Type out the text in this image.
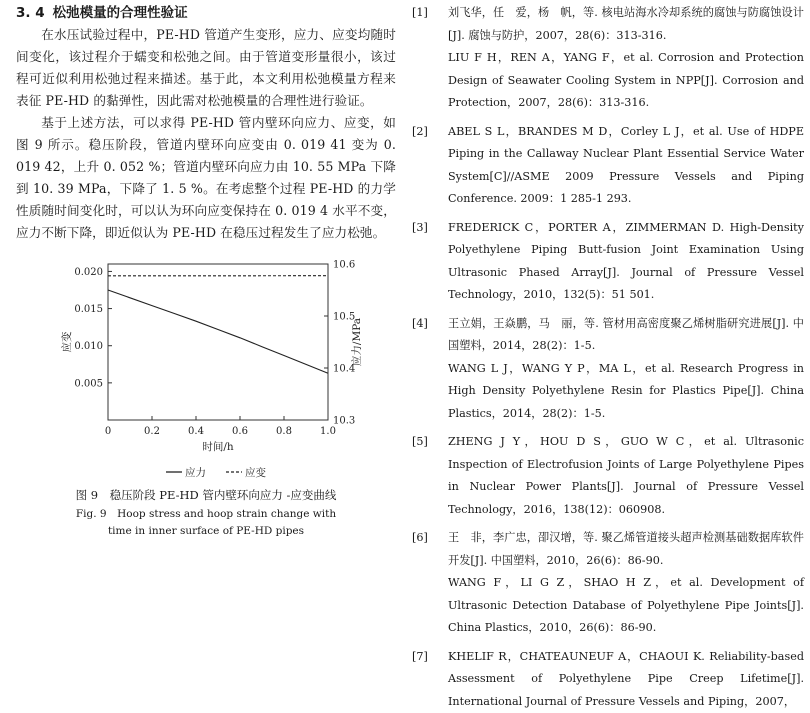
3. 4 松弛模量的合理性验证

在水压试验过程中，PE-HD 管道产生变形，应力、应变均随时间变化，该过程介于蠕变和松弛之间。由于管道变形量很小，该过程可近似利用松弛过程来描述。基于此，本文利用松弛模量方程来表征 PE-HD 的黏弹性，因此需对松弛模量的合理性进行验证。

基于上述方法，可以求得 PE-HD 管内壁环向应力、应变，如图 9 所示。稳压阶段，管道内壁环向应变由 0. 019 41 变为 0. 019 42，上升 0. 052 %；管道内壁环向应力由 10. 55 MPa 下降到 10. 39 MPa，下降了 1. 5 %。在考虑整个过程 PE-HD 的力学性质随时间变化时，可以认为环向应变保持在 0. 019 4 水平不变，应力不断下降，即近似认为 PE-HD 在稳压过程发生了应力松弛。

0	0.2	0.4	0.6	0.8	1.0
0.005
0.010
0.015
0.020
10.3
10.4
10.5
10.6
时间/h
应变	应力/MPa
应力	应变

图 9　稳压阶段 PE-HD 管内壁环向应力 -应变曲线

Fig. 9　Hoop stress and hoop strain change with

time in inner surface of PE-HD pipes

[1] 刘飞华，任　爱，杨　帆，等. 核电站海水冷却系统的腐蚀与防腐蚀设计[J]. 腐蚀与防护，2007，28(6)：313-316.
LIU F H，REN A，YANG F，et al. Corrosion and Protection Design of Seawater Cooling System in NPP[J]. Corrosion and Protection，2007，28(6)：313-316.
[2] ABEL S L，BRANDES M D，Corley L J，et al. Use of HDPE Piping in the Callaway Nuclear Plant Essential Service Water System[C]//ASME 2009 Pressure Vessels and Piping Conference. 2009：1 285-1 293.
[3] FREDERICK C，PORTER A，ZIMMERMAN D. High-Density Polyethylene Piping Butt-fusion Joint Examination Using Ultrasonic Phased Array[J]. Journal of Pressure Vessel Technology，2010，132(5)：51 501.
[4] 王立娟，王焱鹏，马　丽，等. 管材用高密度聚乙烯树脂研究进展[J]. 中国塑料，2014，28(2)：1-5.
WANG L J，WANG Y P，MA L，et al. Research Progress in High Density Polyethylene Resin for Plastics Pipe[J]. China Plastics，2014，28(2)：1-5.
[5] ZHENG J Y，HOU D S，GUO W C，et al. Ultrasonic Inspection of Electrofusion Joints of Large Polyethylene Pipes in Nuclear Power Plants[J]. Journal of Pressure Vessel Technology，2016，138(12)：060908.
[6] 王　非，李广忠，卲汉增，等. 聚乙烯管道接头超声检测基础数据库软件开发[J]. 中国塑料，2010，26(6)：86-90.
WANG F，LI G Z，SHAO H Z，et al. Development of Ultrasonic Detection Database of Polyethylene Pipe Joints[J]. China Plastics，2010，26(6)：86-90.
[7] KHELIF R，CHATEAUNEUF A，CHAOUI K. Reliability-based Assessment of Polyethylene Pipe Creep Lifetime[J]. International Journal of Pressure Vessels and Piping，2007，
